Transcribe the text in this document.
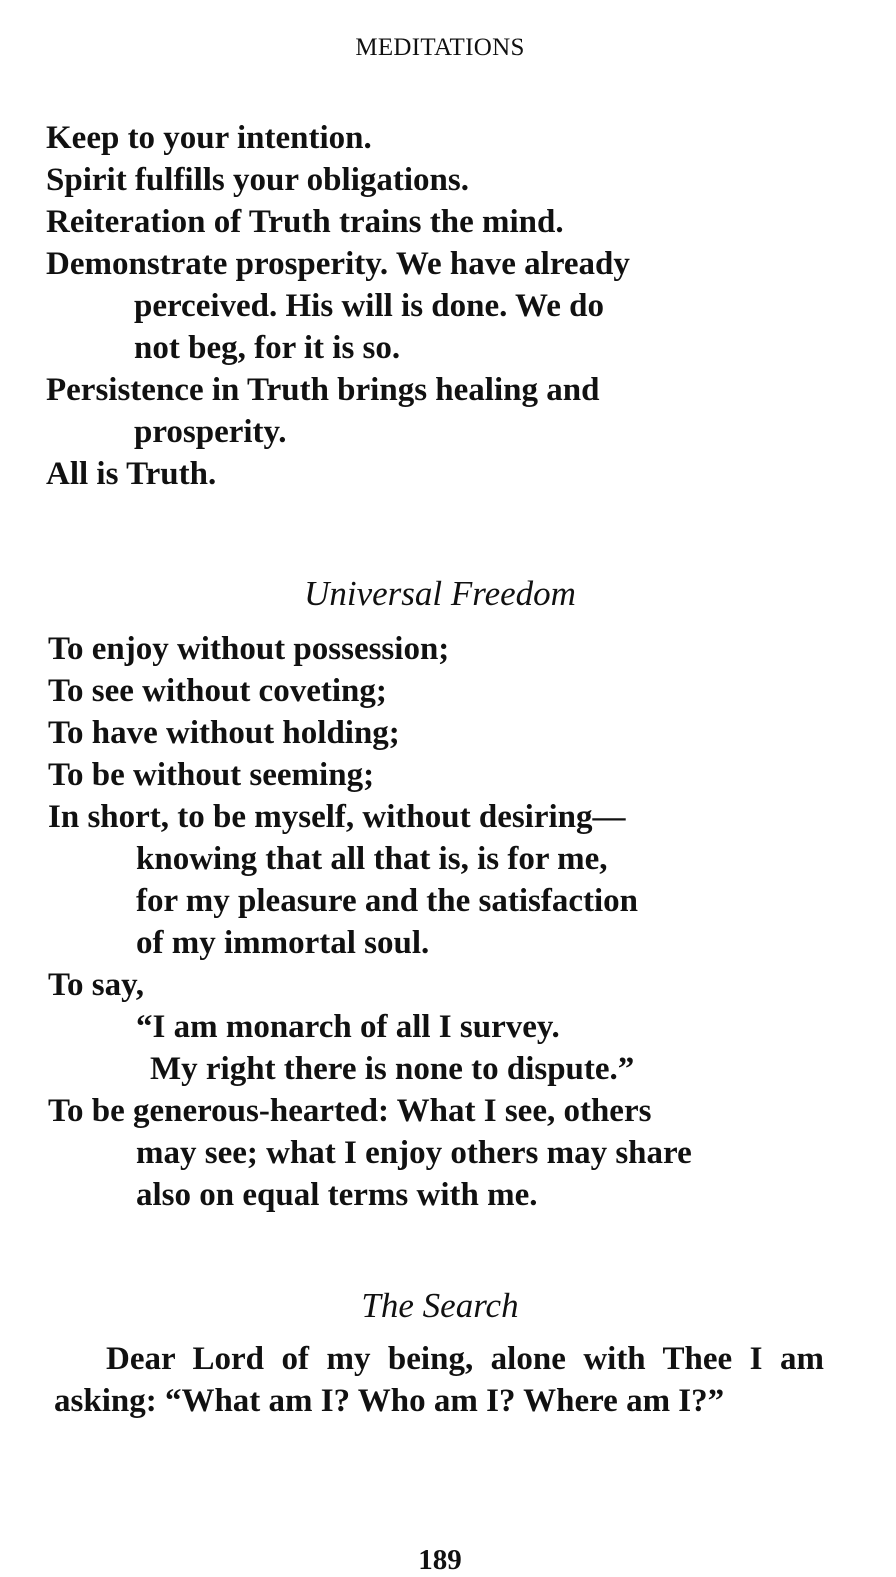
MEDITATIONS
Keep to your intention.
Spirit fulfills your obligations.
Reiteration of Truth trains the mind.
Demonstrate prosperity. We have already
perceived. His will is done. We do
not beg, for it is so.
Persistence in Truth brings healing and
prosperity.
All is Truth.
Universal Freedom
To enjoy without possession;
To see without coveting;
To have without holding;
To be without seeming;
In short, to be myself, without desiring—
knowing that all that is, is for me,
for my pleasure and the satisfaction
of my immortal soul.
To say,
“I am monarch of all I survey.
My right there is none to dispute.”
To be generous-hearted: What I see, others
may see; what I enjoy others may share
also on equal terms with me.
The Search

Dear Lord of my being, alone with Thee I am asking: “What am I? Who am I? Where am I?”

189
